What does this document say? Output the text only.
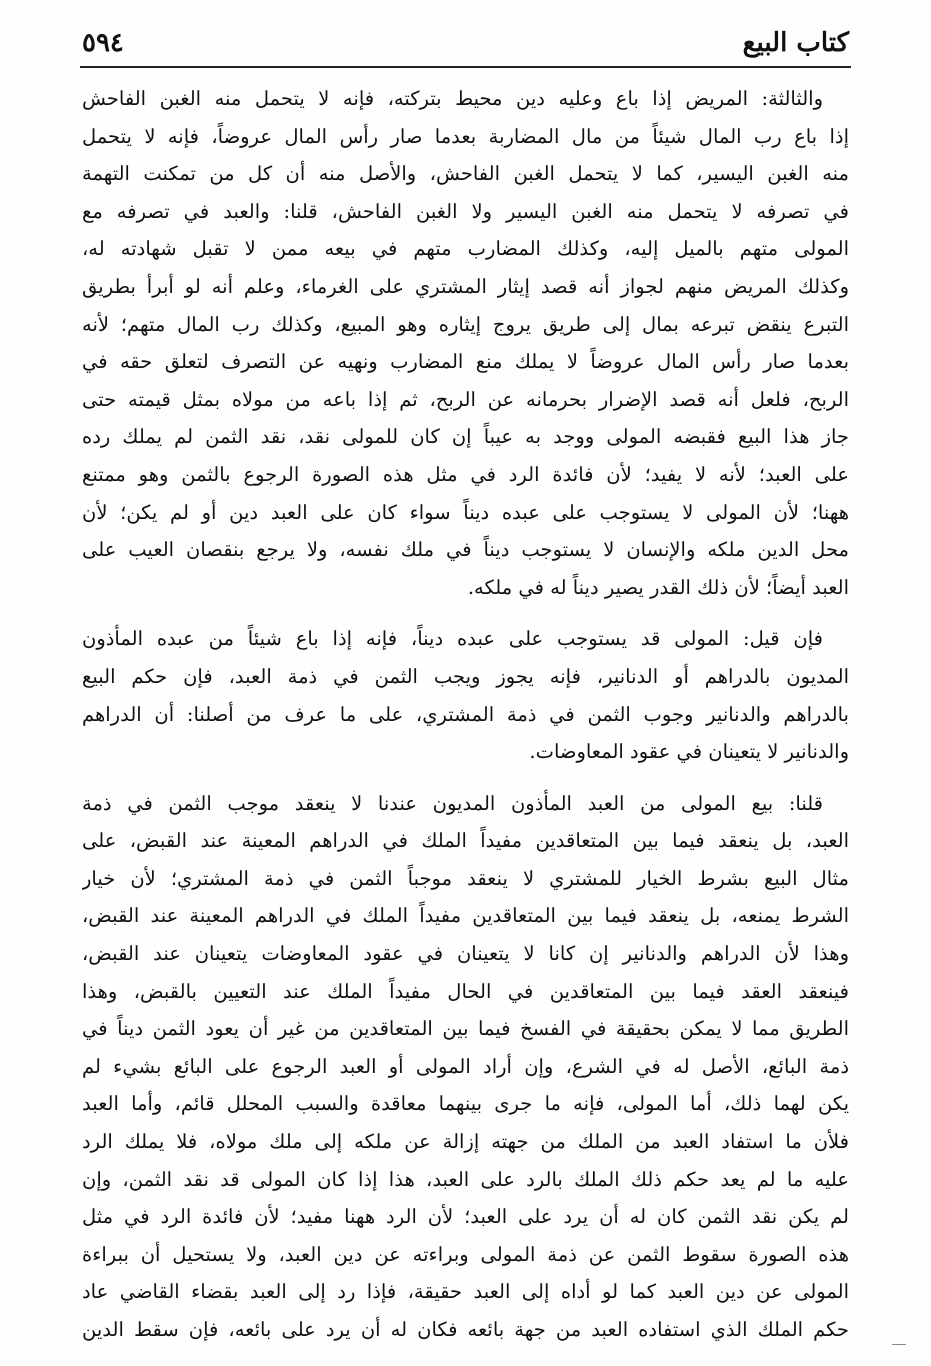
كتاب البيع
٥٩٤
والثالثة: المريض إذا باع وعليه دين محيط بتركته، فإنه لا يتحمل منه الغبن الفاحش
إذا باع رب المال شيئاً من مال المضاربة بعدما صار رأس المال عروضاً، فإنه لا يتحمل
منه الغبن اليسير، كما لا يتحمل الغبن الفاحش، والأصل منه أن كل من تمكنت التهمة
في تصرفه لا يتحمل منه الغبن اليسير ولا الغبن الفاحش، قلنا: والعبد في تصرفه مع
المولى متهم بالميل إليه، وكذلك المضارب متهم في بيعه ممن لا تقبل شهادته له،
وكذلك المريض منهم لجواز أنه قصد إيثار المشتري على الغرماء، وعلم أنه لو أبرأ بطريق
التبرع ينقض تبرعه بمال إلى طريق يروج إيثاره وهو المبيع، وكذلك رب المال متهم؛ لأنه
بعدما صار رأس المال عروضاً لا يملك منع المضارب ونهيه عن التصرف لتعلق حقه في
الربح، فلعل أنه قصد الإضرار بحرمانه عن الربح، ثم إذا باعه من مولاه بمثل قيمته حتى
جاز هذا البيع فقبضه المولى ووجد به عيباً إن كان للمولى نقد، نقد الثمن لم يملك رده
على العبد؛ لأنه لا يفيد؛ لأن فائدة الرد في مثل هذه الصورة الرجوع بالثمن وهو ممتنع
ههنا؛ لأن المولى لا يستوجب على عبده ديناً سواء كان على العبد دين أو لم يكن؛ لأن
محل الدين ملكه والإنسان لا يستوجب ديناً في ملك نفسه، ولا يرجع بنقصان العيب على
العبد أيضاً؛ لأن ذلك القدر يصير ديناً له في ملكه.
فإن قيل: المولى قد يستوجب على عبده ديناً، فإنه إذا باع شيئاً من عبده المأذون
المديون بالدراهم أو الدنانير، فإنه يجوز ويجب الثمن في ذمة العبد، فإن حكم البيع
بالدراهم والدنانير وجوب الثمن في ذمة المشتري، على ما عرف من أصلنا: أن الدراهم
والدنانير لا يتعينان في عقود المعاوضات.
قلنا: بيع المولى من العبد المأذون المديون عندنا لا ينعقد موجب الثمن في ذمة
العبد، بل ينعقد فيما بين المتعاقدين مفيداً الملك في الدراهم المعينة عند القبض، على
مثال البيع بشرط الخيار للمشتري لا ينعقد موجباً الثمن في ذمة المشتري؛ لأن خيار
الشرط يمنعه، بل ينعقد فيما بين المتعاقدين مفيداً الملك في الدراهم المعينة عند القبض،
وهذا لأن الدراهم والدنانير إن كانا لا يتعينان في عقود المعاوضات يتعينان عند القبض،
فينعقد العقد فيما بين المتعاقدين في الحال مفيداً الملك عند التعيين بالقبض، وهذا
الطريق مما لا يمكن بحقيقة في الفسخ فيما بين المتعاقدين من غير أن يعود الثمن ديناً في
ذمة البائع، الأصل له في الشرع، وإن أراد المولى أو العبد الرجوع على البائع بشيء لم
يكن لهما ذلك، أما المولى، فإنه ما جرى بينهما معاقدة والسبب المحلل قائم، وأما العبد
فلأن ما استفاد العبد من الملك من جهته إزالة عن ملكه إلى ملك مولاه، فلا يملك الرد
عليه ما لم يعد حكم ذلك الملك بالرد على العبد، هذا إذا كان المولى قد نقد الثمن، وإن
لم يكن نقد الثمن كان له أن يرد على العبد؛ لأن الرد ههنا مفيد؛ لأن فائدة الرد في مثل
هذه الصورة سقوط الثمن عن ذمة المولى وبراءته عن دين العبد، ولا يستحيل أن ببراءة
المولى عن دين العبد كما لو أداه إلى العبد حقيقة، فإذا رد إلى العبد بقضاء القاضي عاد
حكم الملك الذي استفاده العبد من جهة بائعه فكان له أن يرد على بائعه، فإن سقط الدين
